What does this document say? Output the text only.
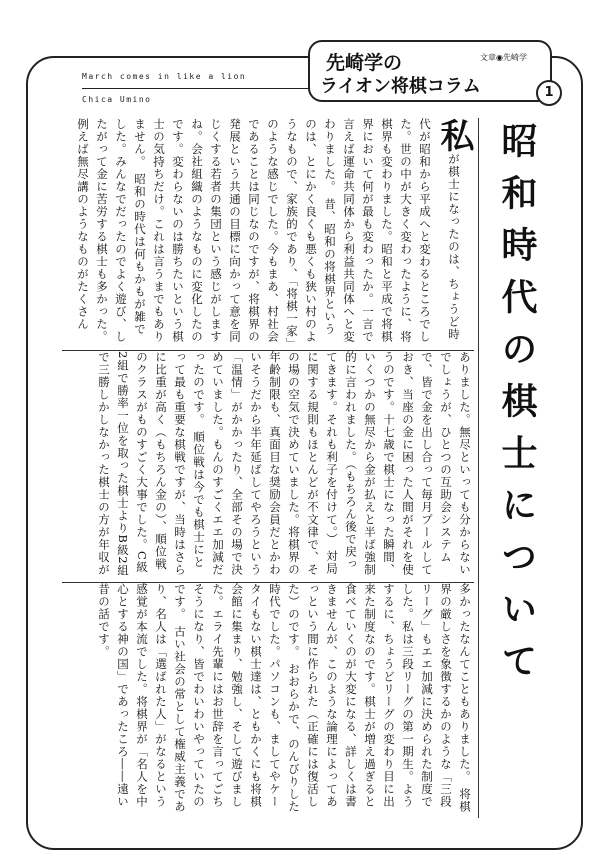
March comes in like a lion
Chica Umino
先崎学の	文章◉先崎学
ライオン将棋コラム	1
昭和時代の棋士について
私が棋士になったのは、ちょうど時代が昭和から平成へと変わるところでした。世の中が大きく変わったように、将棋界も変わりました。昭和と平成で将棋界において何が最も変わったか。一言で言えば運命共同体から利益共同体へと変わりました。 昔、昭和の将棋界というのは、とにかく良くも悪くも狭い村のようなもので、家族的であり、「将棋一家」のような感じでした。今もまあ、村社会であることは同じなのですが、将棋界の発展という共通の目標に向かって意を同じくする若者の集団という感じがしますね。会社組織のようなものに変化したのです。変わらないのは勝ちたいという棋士の気持ちだけ。これは言うまでもありません。 昭和の時代は何もかもが雑でした。みんなでだったのでよく遊び、したがって金に苦労する棋士も多かった。例えば無尽講のようなものがたくさん
ありました。無尽といっても分からないでしょうが、ひとつの互助会システムで、皆で金を出し合って毎月プールしておき、当座の金に困った人間がそれを使うのです。十七歳で棋士になった瞬間、いくつかの無尽から金が払えと半ば強制的に言われました。（もちろん後で戻ってきます。それも利子を付けて。） 対局に関する規則もほとんどが不文律で、その場の空気で決めていました。将棋界の年齢制限も、真面目な奨励会員だとかわいそうだから半年延ばしてやろうという「温情」がかかったり、全部その場で決めていました。もんのすごくエエ加減だったのです。 順位戦は今でも棋士にとって最も重要な棋戦ですが、当時はさらに比重が高く（もちろん金の）、順位戦のクラスがものすごく大事でした。C級2組で勝率一位を取った棋士よりB級2組で三勝しかしなかった棋士の方が年収が
多かったなんてこともありました。 将棋界の厳しさを象徴するかのような「三段リーグ」もエエ加減に決められた制度でした。私は三段リーグの第一期生。ようするに、ちょうどリーグの変わり目に出来た制度なのです。棋士が増え過ぎると食べていくのが大変になる、詳しくは書きませんが、このような論理によってあっという間に作られた（正確には復活した）のです。 おおらかで、のんびりした時代でした。パソコンも、ましてやケータイもない棋士達は、ともかくにも将棋会館に集まり、勉強し、そして遊びました。エライ先輩にはお世辞を言ってごちそうになり、皆でわいわいやっていたのです。 古い社会の常として権威主義であり、名人は「選ばれた人」がなるという感覚が本流でした。将棋界が「名人を中心とする神の国」であったころ――遠い昔の話です。
